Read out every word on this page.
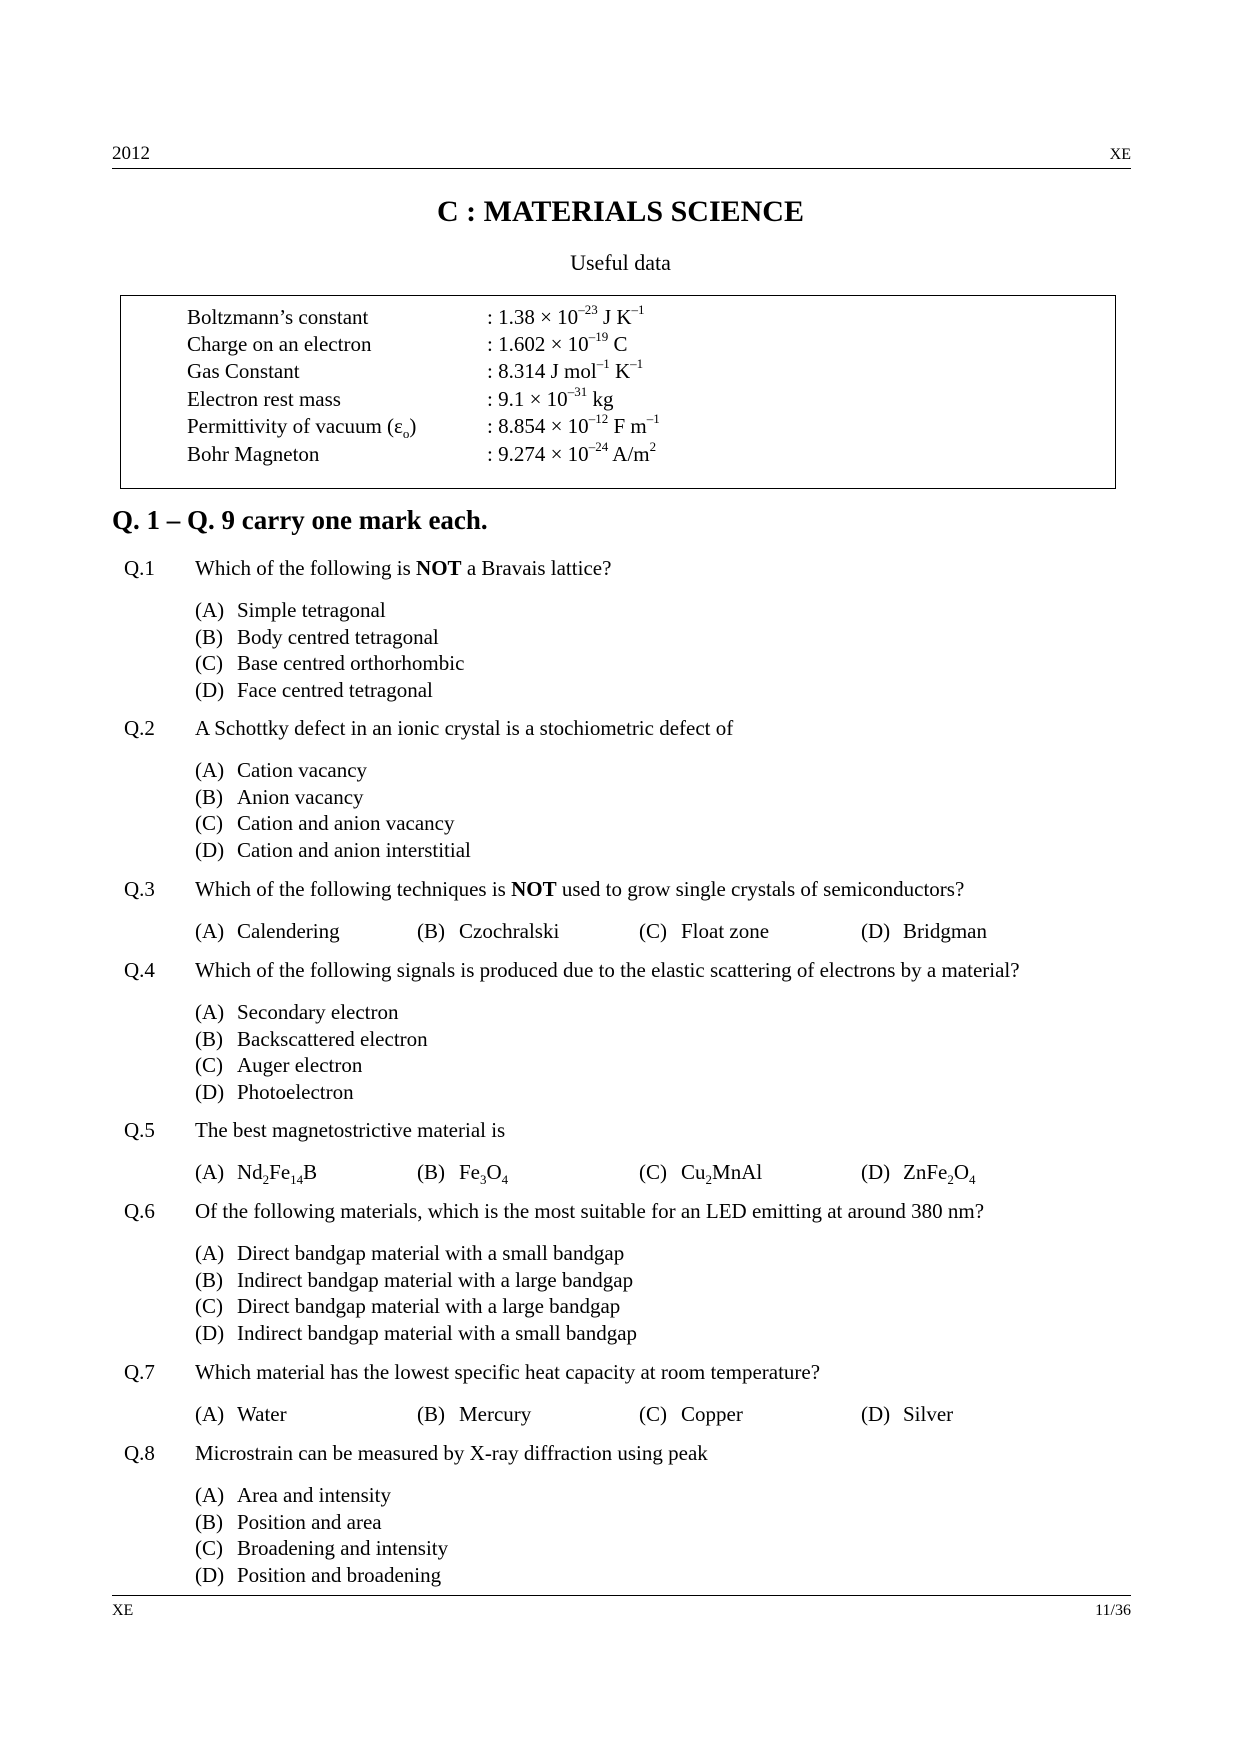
2012	XE
C : MATERIALS SCIENCE
Useful data
Boltzmann’s constant	: $1.38 \times 10^{-23}$ J $K^{-1}$
Charge on an electron	: $1.602 \times 10^{-19}$ C
Gas Constant	: 8.314 J mol$^{-1}$ $K^{-1}$
Electron rest mass	: $9.1 \times 10^{-31}$ kg
Permittivity of vacuum $(\varepsilon_o)$	: $8.854 \times 10^{-12}$ F $m^{-1}$
Bohr Magneton	: $9.274 \times 10^{-24}$ $A/m^2$
Q. 1 – Q. 9 carry one mark each.
Q.1 Which of the following is NOT a Bravais lattice?
(A) Simple tetragonal
(B) Body centred tetragonal
(C) Base centred orthorhombic
(D) Face centred tetragonal
Q.2 A Schottky defect in an ionic crystal is a stochiometric defect of
(A) Cation vacancy
(B) Anion vacancy
(C) Cation and anion vacancy
(D) Cation and anion interstitial
Q.3 Which of the following techniques is NOT used to grow single crystals of semiconductors?
(A) Calendering	(B) Czochralski	(C) Float zone	(D) Bridgman
Q.4 Which of the following signals is produced due to the elastic scattering of electrons by a material?
(A) Secondary electron
(B) Backscattered electron
(C) Auger electron
(D) Photoelectron
Q.5 The best magnetostrictive material is
(A) $Nd_2Fe_{14}B$	(B) $Fe_3O_4$	(C) $Cu_2MnAl$	(D) $ZnFe_2O_4$
Q.6 Of the following materials, which is the most suitable for an LED emitting at around 380 nm?
(A) Direct bandgap material with a small bandgap
(B) Indirect bandgap material with a large bandgap
(C) Direct bandgap material with a large bandgap
(D) Indirect bandgap material with a small bandgap
Q.7 Which material has the lowest specific heat capacity at room temperature?
(A) Water	(B) Mercury	(C) Copper	(D) Silver
Q.8 Microstrain can be measured by X-ray diffraction using peak
(A) Area and intensity
(B) Position and area
(C) Broadening and intensity
(D) Position and broadening
XE	11/36
